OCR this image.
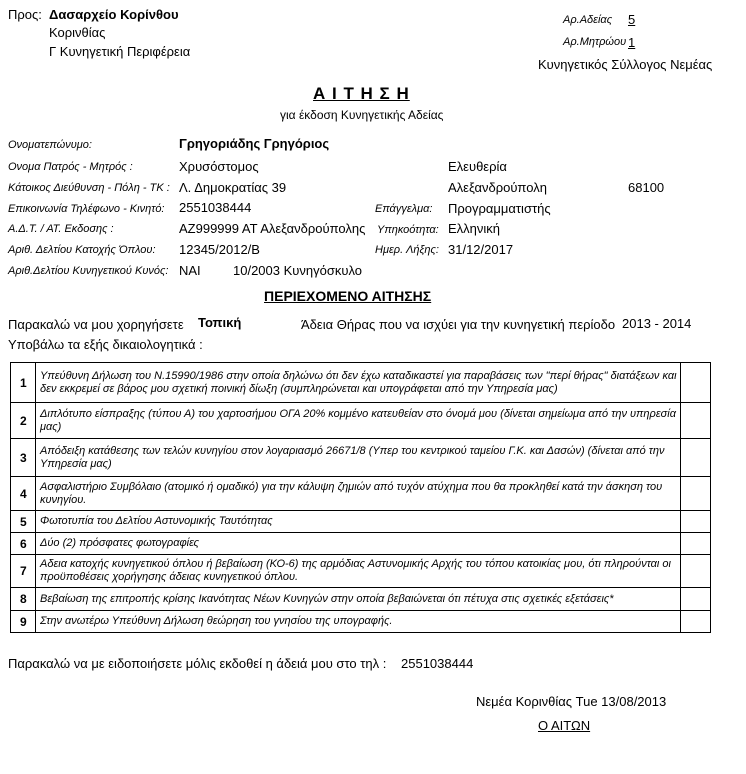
Προς: Δασαρχείο Κορίνθου
Κορινθίας
Γ Κυνηγετική Περιφέρεια
Αρ.Αδείας 5
Αρ.Μητρώου 1
Κυνηγετικός Σύλλογος Νεμέας
Α Ι Τ Η Σ Η
για έκδοση Κυνηγετικής Αδείας
Ονοματεπώνυμο:	Γρηγοριάδης Γρηγόριος
Ονομα Πατρός - Μητρός :	Χρυσόστομος	Ελευθερία
Κάτοικος Διεύθυνση - Πόλη - ΤΚ : Λ. Δημοκρατίας 39	Αλεξανδρούπολη	68100
Επικοινωνία Τηλέφωνο - Κινητό: 2551038444	Επάγγελμα: Προγραμματιστής
Α.Δ.Τ. / ΑΤ. Εκδοσης :	ΑΖ999999 ΑΤ Αλεξανδρούπολης Υπηκοότητα: Ελληνική
Αριθ. Δελτίου Κατοχής Όπλου: 12345/2012/Β	Ημερ. Λήξης: 31/12/2017
Αριθ.Δελτίου Κυνηγετικού Κυνός: ΝΑΙ 10/2003 Κυνηγόσκυλο
ΠΕΡΙΕΧΟΜΕΝΟ ΑΙΤΗΣΗΣ
Παρακαλώ να μου χορηγήσετε Τοπική	Άδεια Θήρας που να ισχύει για την κυνηγετική περίοδο 2013 - 2014
Υποβάλω τα εξής δικαιολογητικά :
1	Υπεύθυνη Δήλωση του Ν.15990/1986 στην οποία δηλώνω ότι δεν έχω καταδικαστεί για παραβάσεις των "περί θήρας" διατάξεων και δεν εκκρεμεί σε βάρος μου σχετική ποινική δίωξη (συμπληρώνεται και υπογράφεται από την Υπηρεσία μας)	
2	Διπλότυπο είσπραξης (τύπου Α) του χαρτοσήμου ΟΓΑ 20% κομμένο κατευθείαν στο όνομά μου (δίνεται σημείωμα από την υπηρεσία μας)	
3	Απόδειξη κατάθεσης των τελών κυνηγίου στον λογαριασμό 26671/8 (Υπερ του κεντρικού ταμείου Γ.Κ. και Δασών) (δίνεται από την Υπηρεσία μας)	
4	Ασφαλιστήριο Συμβόλαιο (ατομικό ή ομαδικό) για την κάλυψη ζημιών από τυχόν ατύχημα που θα προκληθεί κατά την άσκηση του κυνηγίου.	
5	Φωτοτυπία του Δελτίου Αστυνομικής Ταυτότητας	
6	Δύο (2) πρόσφατες φωτογραφίες	
7	Αδεια κατοχής κυνηγετικού όπλου ή βεβαίωση (ΚΟ-6) της αρμόδιας Αστυνομικής Αρχής του τόπου κατοικίας μου, ότι πληρούνται οι προϋποθέσεις χορήγησης άδειας κυνηγετικού όπλου.	
8	Βεβαίωση της επιτροπής κρίσης Ικανότητας Νέων Κυνηγών στην οποία βεβαιώνεται ότι πέτυχα στις σχετικές εξετάσεις*	
9	Στην ανωτέρω Υπεύθυνη Δήλωση θεώρηση του γνησίου της υπογραφής.	
Παρακαλώ να με ειδοποιήσετε μόλις εκδοθεί η άδειά μου στο τηλ : 2551038444
Νεμέα Κορινθίας Tue 13/08/2013
Ο ΑΙΤΩΝ
